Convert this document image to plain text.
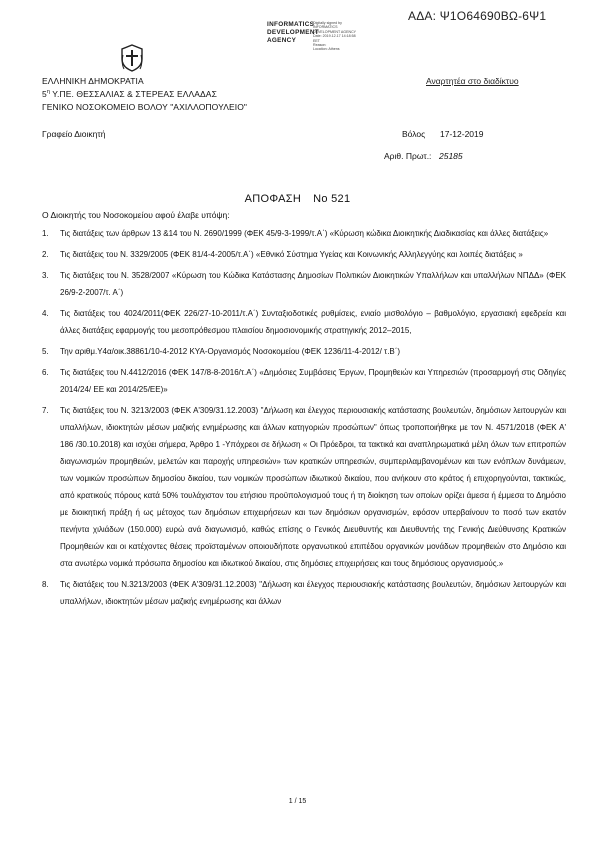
ΑΔΑ: Ψ1Ο64690ΒΩ-6Ψ1
INFORMATICS
DEVELOPMENT
AGENCY
Digitally signed by
INFORMATICS
DEVELOPMENT AGENCY
Date: 2019.12.17 14:18:58
EET
Reason:
Location: Athens
ΕΛΛΗΝΙΚΗ ΔΗΜΟΚΡΑΤΙΑ
$5^\eta$ Υ.ΠΕ. ΘΕΣΣΑΛΙΑΣ & ΣΤΕΡΕΑΣ ΕΛΛΑΔΑΣ
ΓΕΝΙΚΟ ΝΟΣΟΚΟΜΕΙΟ ΒΟΛΟΥ "ΑΧΙΛΛΟΠΟΥΛΕΙΟ"
Αναρτητέα στο διαδίκτυο
Γραφείο Διοικητή	Βόλος 17-12-2019
Αριθ. Πρωτ.: 25185
ΑΠΟΦΑΣΗ Νο 521
Ο Διοικητής του Νοσοκομείου αφού έλαβε υπόψη:
1. Τις διατάξεις των άρθρων 13 &14 του Ν. 2690/1999 (ΦΕΚ 45/9-3-1999/τ.Α΄) «Κύρωση κώδικα Διοικητικής Διαδικασίας και άλλες διατάξεις»
2. Τις διατάξεις του Ν. 3329/2005 (ΦΕΚ 81/4-4-2005/τ.Α΄) «Εθνικό Σύστημα Υγείας και Κοινωνικής Αλληλεγγύης και λοιπές διατάξεις »
3. Τις διατάξεις του Ν. 3528/2007 «Κύρωση του Κώδικα Κατάστασης Δημοσίων Πολιτικών Διοικητικών Υπαλλήλων και υπαλλήλων ΝΠΔΔ» (ΦΕΚ 26/9-2-2007/τ. Α΄)
4. Τις διατάξεις του 4024/2011(ΦΕΚ 226/27-10-2011/τ.Α΄) Συνταξιοδοτικές ρυθμίσεις, ενιαίο μισθολόγιο – βαθμολόγιο, εργασιακή εφεδρεία και άλλες διατάξεις εφαρμογής του μεσοπρόθεσμου πλαισίου δημοσιονομικής στρατηγικής 2012–2015,
5. Την αριθμ.Υ4α/οικ.38861/10-4-2012 ΚΥΑ-Οργανισμός Νοσοκομείου (ΦΕΚ 1236/11-4-2012/ τ.Β΄)
6. Τις διατάξεις του Ν.4412/2016 (ΦΕΚ 147/8-8-2016/τ.Α΄) «Δημόσιες Συμβάσεις Έργων, Προμηθειών και Υπηρεσιών (προσαρμογή στις Οδηγίες 2014/24/ ΕΕ και 2014/25/ΕΕ)»
7. Τις διατάξεις του Ν. 3213/2003 (ΦΕΚ Α'309/31.12.2003) "Δήλωση και έλεγχος περιουσιακής κατάστασης βουλευτών, δημόσιων λειτουργών και υπαλλήλων, ιδιοκτητών μέσων μαζικής ενημέρωσης και άλλων κατηγοριών προσώπων" όπως τροποποιήθηκε με τον Ν. 4571/2018 (ΦΕΚ Α' 186 /30.10.2018) και ισχύει σήμερα, Άρθρο 1 -Υπόχρεοι σε δήλωση « Οι Πρόεδροι, τα τακτικά και αναπληρωματικά μέλη όλων των επιτροπών διαγωνισμών προμηθειών, μελετών και παροχής υπηρεσιών» των κρατικών υπηρεσιών, συμπεριλαμβανομένων και των ενόπλων δυνάμεων, των νομικών προσώπων δημοσίου δικαίου, των νομικών προσώπων ιδιωτικού δικαίου, που ανήκουν στο κράτος ή επιχορηγούνται, τακτικώς, από κρατικούς πόρους κατά 50% τουλάχιστον του ετήσιου προϋπολογισμού τους ή τη διοίκηση των οποίων ορίζει άμεσα ή έμμεσα το Δημόσιο με διοικητική πράξη ή ως μέτοχος των δημόσιων επιχειρήσεων και των δημόσιων οργανισμών, εφόσον υπερβαίνουν το ποσό των εκατόν πενήντα χιλιάδων (150.000) ευρώ ανά διαγωνισμό, καθώς επίσης ο Γενικός Διευθυντής και Διευθυντής της Γενικής Διεύθυνσης Κρατικών Προμηθειών και οι κατέχοντες θέσεις προϊσταμένων οποιουδήποτε οργανωτικού επιπέδου οργανικών μονάδων προμηθειών στο Δημόσιο και στα ανωτέρω νομικά πρόσωπα δημοσίου και ιδιωτικού δικαίου, στις δημόσιες επιχειρήσεις και τους δημόσιους οργανισμούς.»
8. Τις διατάξεις του Ν.3213/2003 (ΦΕΚ Α'309/31.12.2003) "Δήλωση και έλεγχος περιουσιακής κατάστασης βουλευτών, δημόσιων λειτουργών και υπαλλήλων, ιδιοκτητών μέσων μαζικής ενημέρωσης και άλλων
1 / 15
